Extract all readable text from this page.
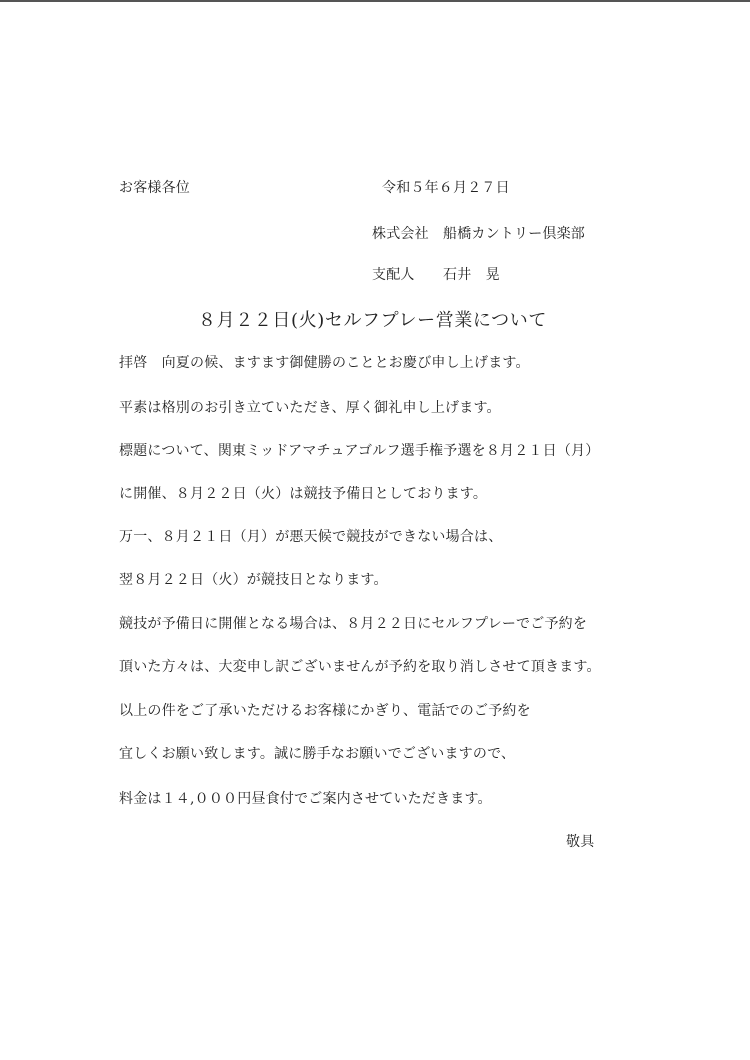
お客様各位	令和５年６月２７日
株式会社　船橋カントリー倶楽部
支配人　　石井　晃
８月２２日(火)セルフプレー営業について
拝啓　向夏の候、ますます御健勝のこととお慶び申し上げます。
平素は格別のお引き立ていただき、厚く御礼申し上げます。
標題について、関東ミッドアマチュアゴルフ選手権予選を８月２１日（月）
に開催、８月２２日（火）は競技予備日としております。
万一、８月２１日（月）が悪天候で競技ができない場合は、
翌８月２２日（火）が競技日となります。
競技が予備日に開催となる場合は、８月２２日にセルフプレーでご予約を
頂いた方々は、大変申し訳ございませんが予約を取り消しさせて頂きます。
以上の件をご了承いただけるお客様にかぎり、電話でのご予約を
宜しくお願い致します。誠に勝手なお願いでございますので、
料金は１４,０００円昼食付でご案内させていただきます。
敬具
